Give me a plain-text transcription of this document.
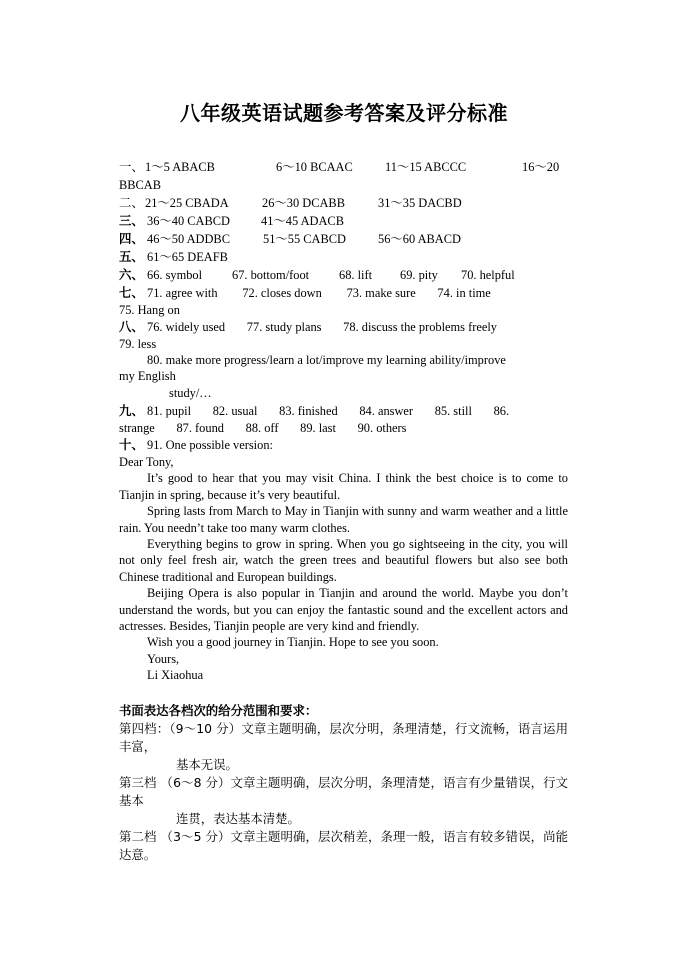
八年级英语试题参考答案及评分标准
一、 1～5 ABACB	6～10 BCAAC	11～15 ABCCC	16～20
BBCAB
二、 21～25 CBADA	26～30 DCABB	31～35 DACBD
三、 36～40 CABCD	41～45 ADACB
四、 46～50 ADDBC	51～55 CABCD	56～60 ABACD
五、 61～65 DEAFB
六、 66. symbol 67. bottom/foot 68. lift 69. pity 70. helpful
七、 71. agree with        72. closes down        73. make sure       74. in time
75. Hang on
八、 76. widely used       77. study plans       78. discuss the problems freely
79. less
80. make more progress/learn a lot/improve my learning ability/improve
my English
study/…
九、 81. pupil       82. usual       83. finished       84. answer       85. still       86.
strange       87. found       88. off       89. last       90. others
十、 91. One possible version:

Dear Tony,

It’s good to hear that you may visit China. I think the best choice is to come to Tianjin in spring, because it’s very beautiful.

Spring lasts from March to May in Tianjin with sunny and warm weather and a little rain. You needn’t take too many warm clothes.

Everything begins to grow in spring. When you go sightseeing in the city, you will not only feel fresh air, watch the green trees and beautiful flowers but also see both Chinese traditional and European buildings.

Beijing Opera is also popular in Tianjin and around the world. Maybe you don’t understand the words, but you can enjoy the fantastic sound and the excellent actors and actresses. Besides, Tianjin people are very kind and friendly.

Wish you a good journey in Tianjin. Hope to see you soon.

Yours,

Li Xiaohua

书面表达各档次的给分范围和要求：
第四档：（9～10 分）文章主题明确，层次分明，条理清楚，行文流畅，语言运用丰富，
基本无误。
第三档 （6～8 分）文章主题明确，层次分明，条理清楚，语言有少量错误，行文基本
连贯，表达基本清楚。
第二档 （3～5 分）文章主题明确，层次稍差，条理一般，语言有较多错误，尚能达意。
